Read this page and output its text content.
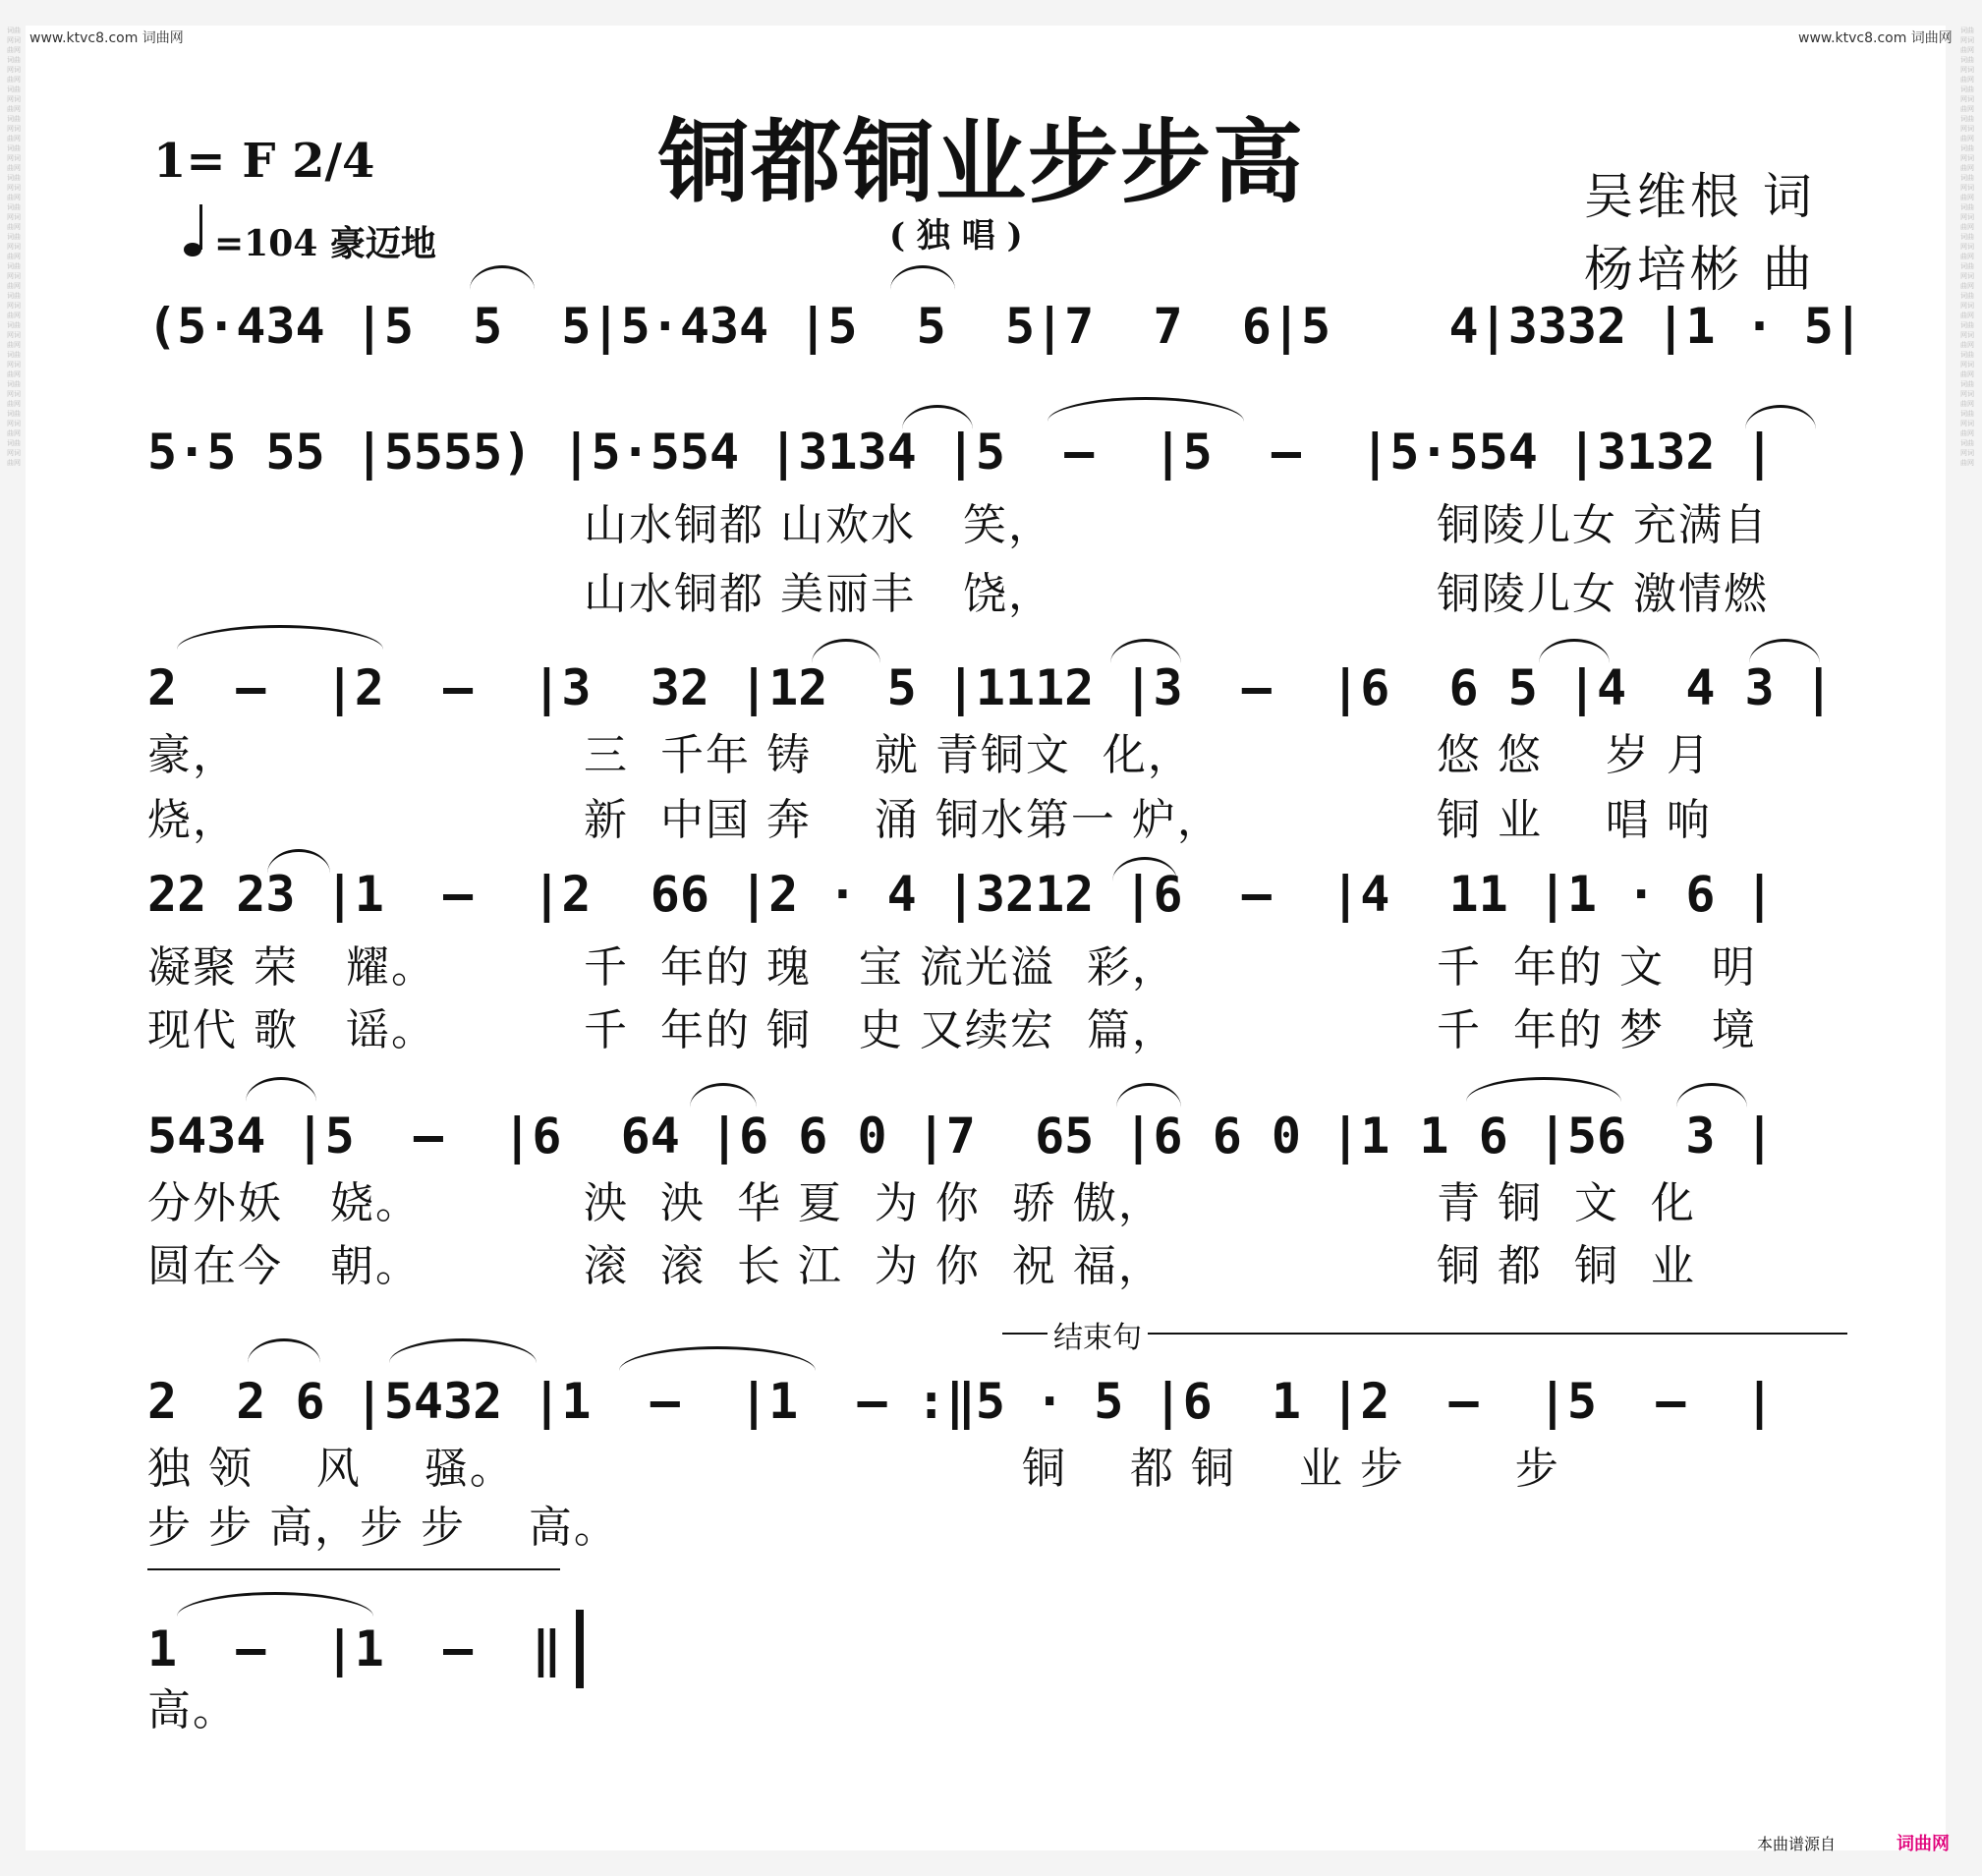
词曲网词曲网词曲网词曲网词曲网词曲网词曲网词曲网词曲网词曲网词曲网词曲网词曲网词曲网词曲网词曲网词曲网词曲网词曲网词曲网词曲网词曲网词曲网词曲网词曲网词曲网词曲网词曲网词曲网词曲网
词曲网词曲网词曲网词曲网词曲网词曲网词曲网词曲网词曲网词曲网词曲网词曲网词曲网词曲网词曲网词曲网词曲网词曲网词曲网词曲网词曲网词曲网词曲网词曲网词曲网词曲网词曲网词曲网词曲网词曲网
www.ktvc8.com 词曲网	www.ktvc8.com 词曲网
铜都铜业步步高
( 独 唱 )
1= F 2/4
=104 豪迈地
吴维根 词
杨培彬 曲
(5·434 |5  5  5|5·434 |5  5  5|7  7  6|5    4|3332 |1 · 5|
5·5 55 |5555) |5·554 |3134 |5  —  |5  —  |5·554 |3132 |
山水铜都 山欢水   笑，	铜陵儿女 充满自
山水铜都 美丽丰   饶，	铜陵儿女 激情燃
2  —  |2  —  |3  32 |12  5 |1112 |3  —  |6  6 5 |4  4 3 |
豪，	三  千年 铸    就 青铜文  化，	悠 悠    岁 月
烧，	新  中国 奔    涌 铜水第一 炉，	铜 业    唱 响
22 23 |1  —  |2  66 |2 · 4 |3212 |6  —  |4  11 |1 · 6 |
凝聚 荣   耀。	千  年的 瑰   宝 流光溢  彩，	千  年的 文   明
现代 歌   谣。	千  年的 铜   史 又续宏  篇，	千  年的 梦   境
5434 |5  —  |6  64 |6 6 0 |7  65 |6 6 0 |1 1 6 |56  3 |
分外妖   娆。	泱  泱  华 夏  为 你  骄 傲，	青 铜  文  化
圆在今   朝。	滚  滚  长 江  为 你  祝 福，	铜 都  铜  业
结束句
2  2 6 |5432 |1  —  |1  — :‖5 · 5 |6  1 |2  —  |5  —  |
独 领    风    骚。	铜    都 铜    业 步       步
步 步 高，步 步    高。
1  —  |1  —  ‖
高。
本曲谱源自	词曲网
